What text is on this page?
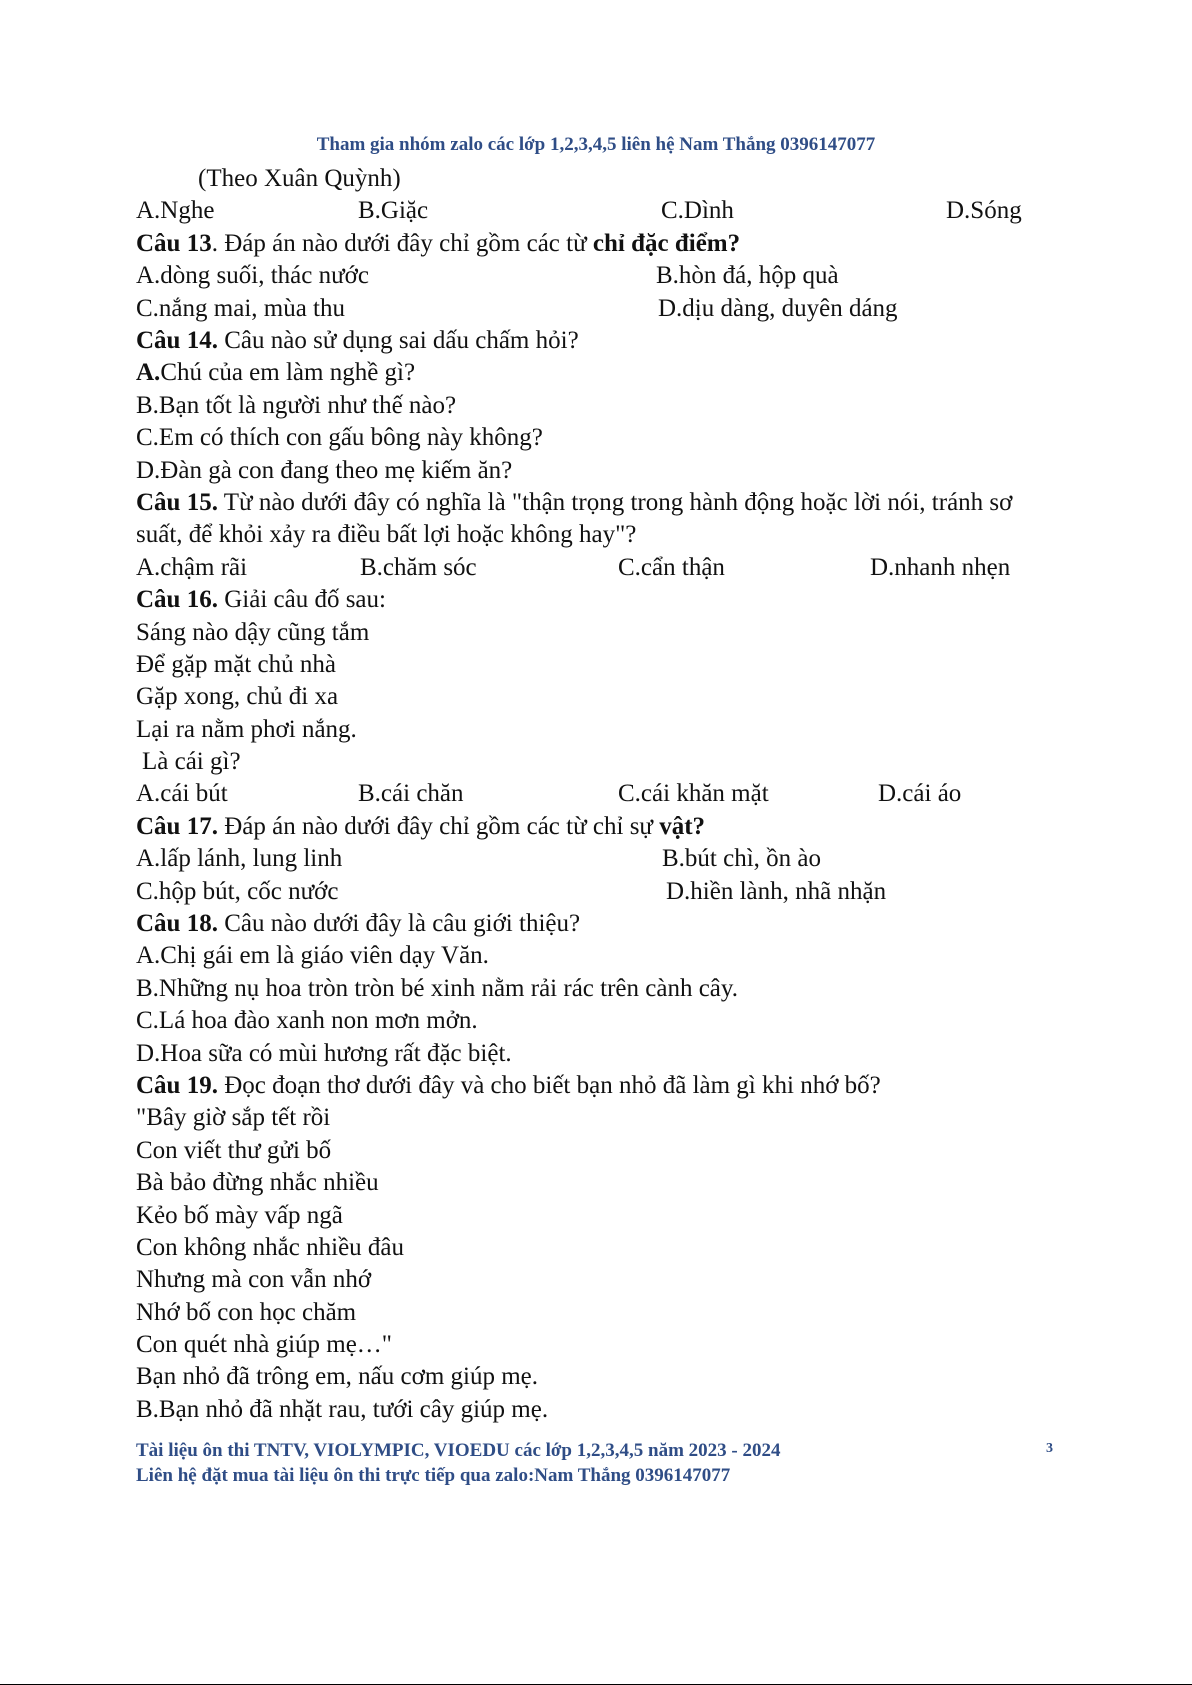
Tham gia nhóm zalo các lớp 1,2,3,4,5 liên hệ Nam Thắng 0396147077
(Theo Xuân Quỳnh)
A.Nghe	B.Giặc	C.Dình	D.Sóng
Câu 13. Đáp án nào dưới đây chỉ gồm các từ chỉ đặc điểm?
A.dòng suối, thác nước	B.hòn đá, hộp quà
C.nắng mai, mùa thu	D.dịu dàng, duyên dáng
Câu 14. Câu nào sử dụng sai dấu chấm hỏi?
A.Chú của em làm nghề gì?
B.Bạn tốt là người như thế nào?
C.Em có thích con gấu bông này không?
D.Đàn gà con đang theo mẹ kiếm ăn?
Câu 15. Từ nào dưới đây có nghĩa là "thận trọng trong hành động hoặc lời nói, tránh sơ suất, để khỏi xảy ra điều bất lợi hoặc không hay"?
A.chậm rãi	B.chăm sóc	C.cẩn thận	D.nhanh nhẹn
Câu 16. Giải câu đố sau:
Sáng nào dậy cũng tắm
Để gặp mặt chủ nhà
Gặp xong, chủ đi xa
Lại ra nằm phơi nắng.
Là cái gì?
A.cái bút	B.cái chăn	C.cái khăn mặt	D.cái áo
Câu 17. Đáp án nào dưới đây chỉ gồm các từ chỉ sự vật?
A.lấp lánh, lung linh	B.bút chì, ồn ào
C.hộp bút, cốc nước	D.hiền lành, nhã nhặn
Câu 18. Câu nào dưới đây là câu giới thiệu?
A.Chị gái em là giáo viên dạy Văn.
B.Những nụ hoa tròn tròn bé xinh nằm rải rác trên cành cây.
C.Lá hoa đào xanh non mơn mởn.
D.Hoa sữa có mùi hương rất đặc biệt.
Câu 19. Đọc đoạn thơ dưới đây và cho biết bạn nhỏ đã làm gì khi nhớ bố?
"Bây giờ sắp tết rồi
Con viết thư gửi bố
Bà bảo đừng nhắc nhiều
Kẻo bố mày vấp ngã
Con không nhắc nhiều đâu
Nhưng mà con vẫn nhớ
Nhớ bố con học chăm
Con quét nhà giúp mẹ…"
Bạn nhỏ đã trông em, nấu cơm giúp mẹ.
B.Bạn nhỏ đã nhặt rau, tưới cây giúp mẹ.
Tài liệu ôn thi TNTV, VIOLYMPIC, VIOEDU các lớp 1,2,3,4,5 năm 2023 - 2024
Liên hệ đặt mua tài liệu ôn thi trực tiếp qua zalo:Nam Thắng 0396147077
3
